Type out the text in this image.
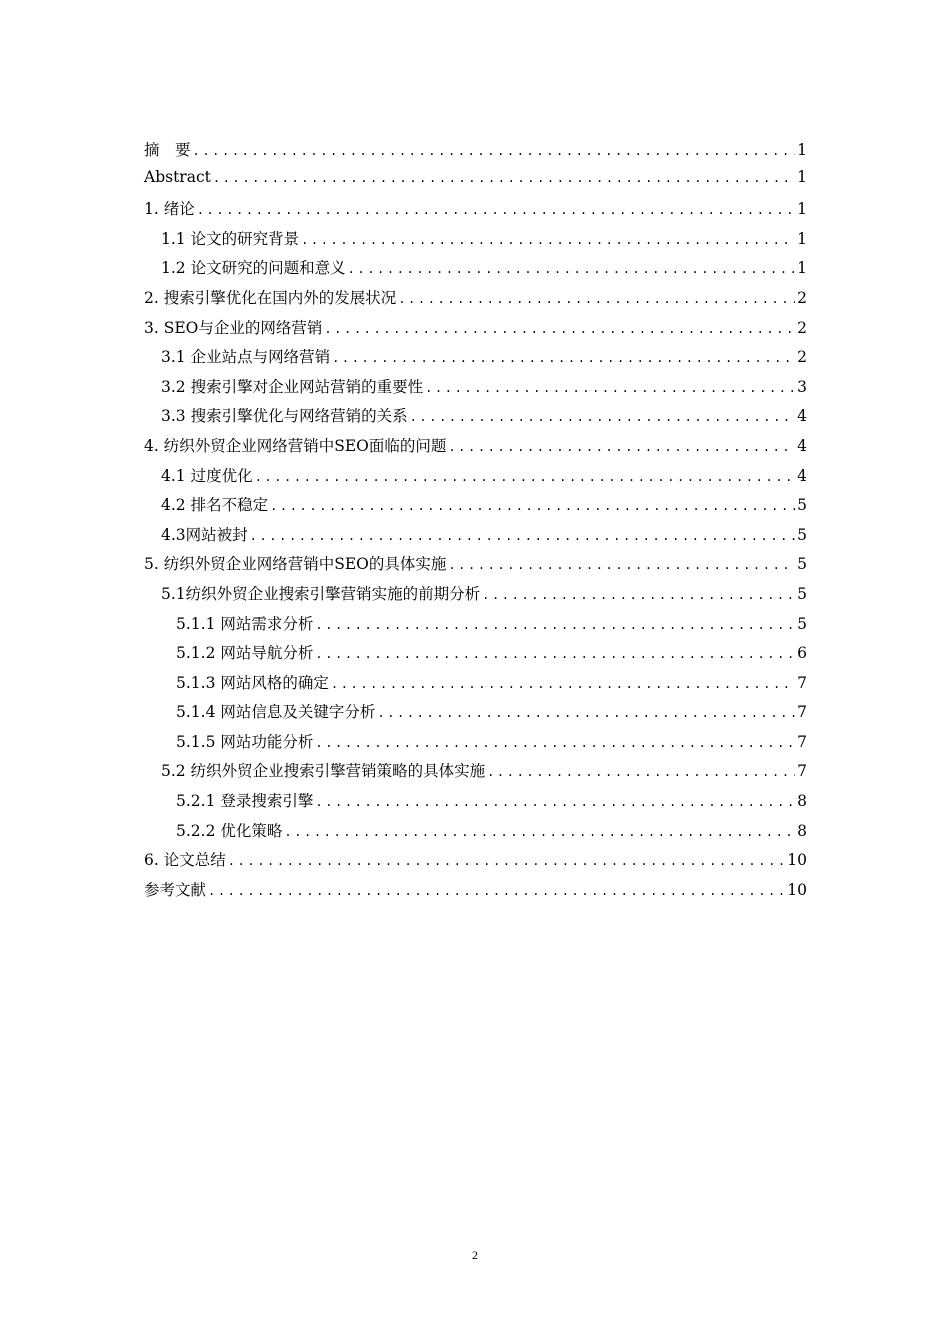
摘　要 .....	1
Abstract .....	1
1. 绪论 .....	1
1.1 论文的研究背景 .....	1
1.2 论文研究的问题和意义 .....	1
2. 搜索引擎优化在国内外的发展状况 .....	2
3. SEO与企业的网络营销 .....	2
3.1 企业站点与网络营销 .....	2
3.2 搜索引擎对企业网站营销的重要性 .....	3
3.3 搜索引擎优化与网络营销的关系 .....	4
4. 纺织外贸企业网络营销中SEO面临的问题 .....	4
4.1 过度优化 .....	4
4.2 排名不稳定 .....	5
4.3网站被封 .....	5
5. 纺织外贸企业网络营销中SEO的具体实施 .....	5
5.1纺织外贸企业搜索引擎营销实施的前期分析 .....	5
5.1.1 网站需求分析 .....	5
5.1.2 网站导航分析 .....	6
5.1.3 网站风格的确定 .....	7
5.1.4 网站信息及关键字分析 .....	7
5.1.5 网站功能分析 .....	7
5.2 纺织外贸企业搜索引擎营销策略的具体实施 .....	7
5.2.1 登录搜索引擎 .....	8
5.2.2 优化策略 .....	8
6. 论文总结 .....	10
参考文献 .....	10
2
